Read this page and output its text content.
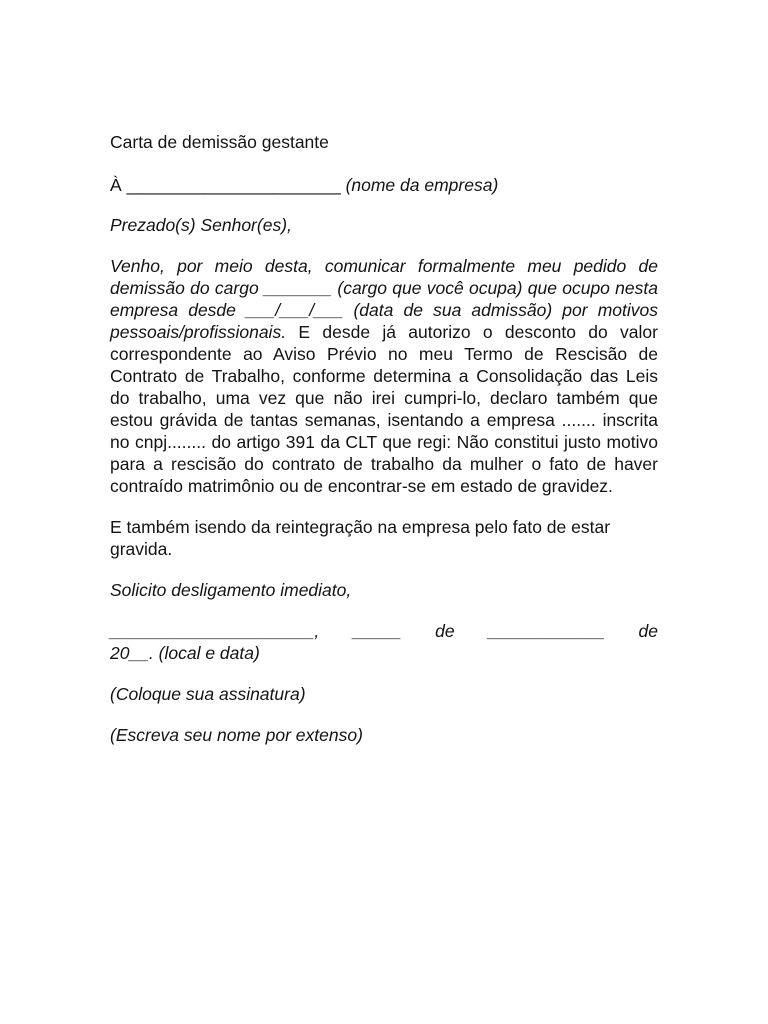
Carta de demissão gestante
À ______________________ (nome da empresa)
Prezado(s) Senhor(es),
Venho, por meio desta, comunicar formalmente meu pedido de demissão do cargo _______ (cargo que você ocupa) que ocupo nesta empresa desde ___/___/___ (data de sua admissão) por motivos pessoais/profissionais. E desde já autorizo o desconto do valor correspondente ao Aviso Prévio no meu Termo de Rescisão de Contrato de Trabalho, conforme determina a Consolidação das Leis do trabalho, uma vez que não irei cumpri-lo, declaro também que estou grávida de tantas semanas, isentando a empresa ....... inscrita no cnpj........ do artigo 391 da CLT que regi: Não constitui justo motivo para a rescisão do contrato de trabalho da mulher o fato de haver contraído matrimônio ou de encontrar-se em estado de gravidez.
E também isendo da reintegração na empresa pelo fato de estar gravida.
Solicito desligamento imediato,
_____________________, _____ de ____________ de
20__. (local e data)
(Coloque sua assinatura)
(Escreva seu nome por extenso)
